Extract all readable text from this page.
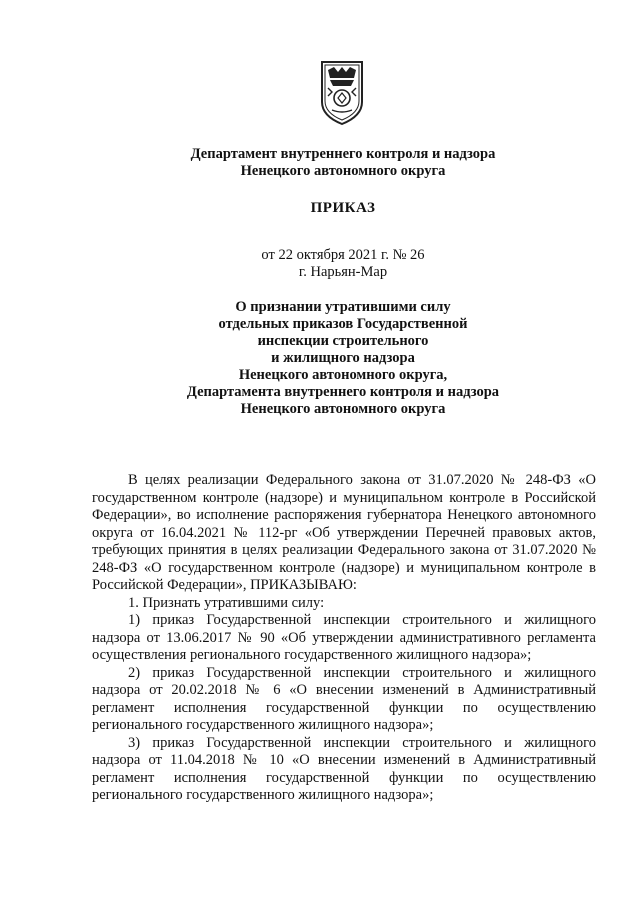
Департамент внутреннего контроля и надзора
Ненецкого автономного округа
ПРИКАЗ
от 22 октября 2021 г. № 26
г. Нарьян-Мар
О признании утратившими силу
отдельных приказов Государственной
инспекции строительного
и жилищного надзора
Ненецкого автономного округа,
Департамента внутреннего контроля и надзора
Ненецкого автономного округа

В целях реализации Федерального закона от 31.07.2020 № 248-ФЗ «О государственном контроле (надзоре) и муниципальном контроле в Российской Федерации», во исполнение распоряжения губернатора Ненецкого автономного округа от 16.04.2021 № 112-рг «Об утверждении Перечней правовых актов, требующих принятия в целях реализации Федерального закона от 31.07.2020 № 248-ФЗ «О государственном контроле (надзоре) и муниципальном контроле в Российской Федерации», ПРИКАЗЫВАЮ:

1. Признать утратившими силу:

1) приказ Государственной инспекции строительного и жилищного надзора от 13.06.2017 № 90 «Об утверждении административного регламента осуществления регионального государственного жилищного надзора»;

2) приказ Государственной инспекции строительного и жилищного надзора от 20.02.2018 № 6 «О внесении изменений в Административный регламент исполнения государственной функции по осуществлению регионального государственного жилищного надзора»;

3) приказ Государственной инспекции строительного и жилищного надзора от 11.04.2018 № 10 «О внесении изменений в Административный регламент исполнения государственной функции по осуществлению регионального государственного жилищного надзора»;
